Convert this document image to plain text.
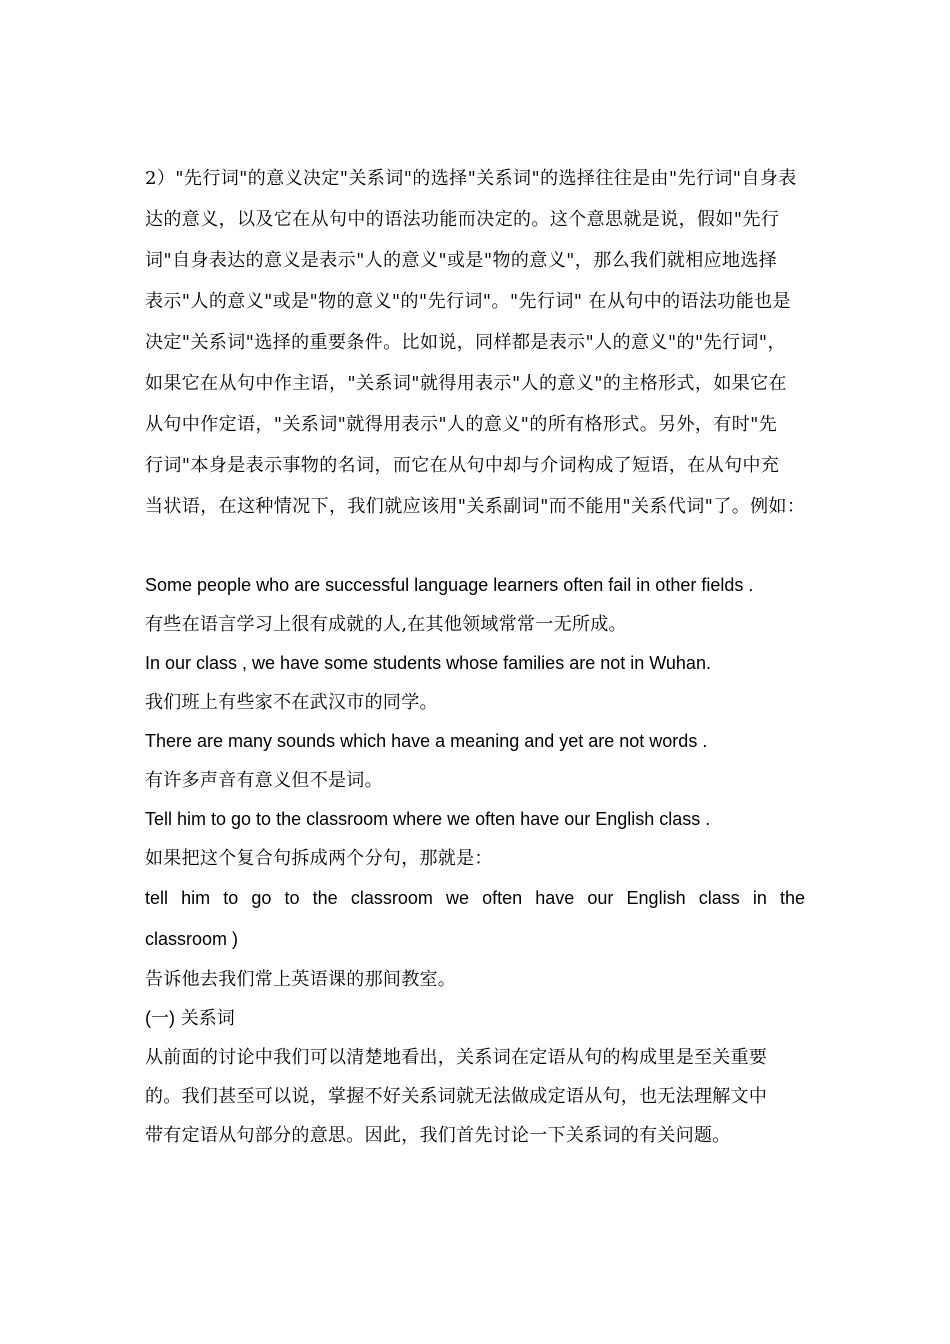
2）"先行词"的意义决定"关系词"的选择"关系词"的选择往往是由"先行词"自身表
达的意义，以及它在从句中的语法功能而决定的。这个意思就是说，假如"先行
词"自身表达的意义是表示"人的意义"或是"物的意义"，那么我们就相应地选择
表示"人的意义"或是"物的意义"的"先行词"。"先行词" 在从句中的语法功能也是
决定"关系词"选择的重要条件。比如说，同样都是表示"人的意义"的"先行词"，
如果它在从句中作主语，"关系词"就得用表示"人的意义"的主格形式，如果它在
从句中作定语，"关系词"就得用表示"人的意义"的所有格形式。另外，有时"先
行词"本身是表示事物的名词，而它在从句中却与介词构成了短语，在从句中充
当状语，在这种情况下，我们就应该用"关系副词"而不能用"关系代词"了。例如：
Some people who are successful language learners often fail in other fields .
有些在语言学习上很有成就的人,在其他领域常常一无所成。
In our class , we have some students whose families are not in Wuhan.
我们班上有些家不在武汉市的同学。
There are many sounds which have a meaning and yet are not words .
有许多声音有意义但不是词。
Tell him to go to the classroom where we often have our English class .
如果把这个复合句拆成两个分句，那就是：
tell him to go to the classroom we often have our English class in the
classroom )
告诉他去我们常上英语课的那间教室。
(一) 关系词
从前面的讨论中我们可以清楚地看出，关系词在定语从句的构成里是至关重要
的。我们甚至可以说，掌握不好关系词就无法做成定语从句，也无法理解文中
带有定语从句部分的意思。因此，我们首先讨论一下关系词的有关问题。
